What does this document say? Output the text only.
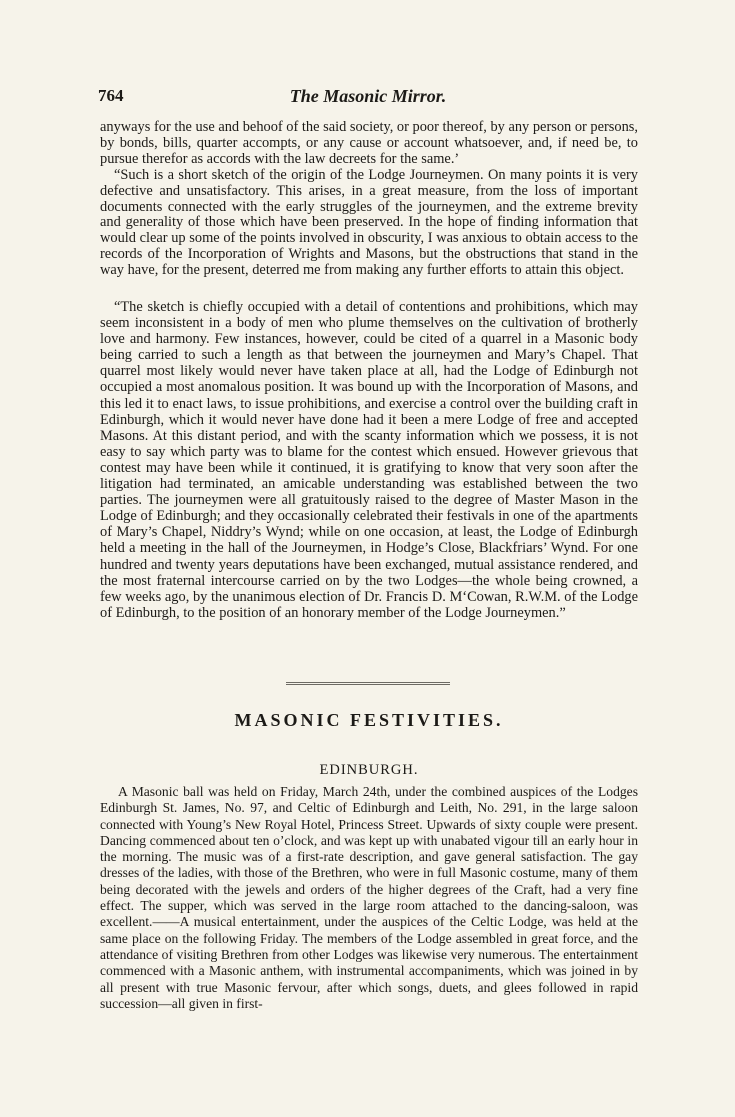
764	The Masonic Mirror.

anyways for the use and behoof of the said society, or poor thereof, by any person or persons, by bonds, bills, quarter accompts, or any cause or account whatsoever, and, if need be, to pursue therefor as accords with the law decreets for the same.’

“Such is a short sketch of the origin of the Lodge Journeymen. On many points it is very defective and unsatisfactory. This arises, in a great measure, from the loss of important documents connected with the early struggles of the journeymen, and the extreme brevity and generality of those which have been preserved. In the hope of finding information that would clear up some of the points involved in obscurity, I was anxious to obtain access to the records of the Incorporation of Wrights and Masons, but the obstructions that stand in the way have, for the present, deterred me from making any further efforts to attain this object.

“The sketch is chiefly occupied with a detail of contentions and prohibitions, which may seem inconsistent in a body of men who plume themselves on the cultivation of brotherly love and harmony. Few instances, however, could be cited of a quarrel in a Masonic body being carried to such a length as that between the journeymen and Mary’s Chapel. That quarrel most likely would never have taken place at all, had the Lodge of Edinburgh not occupied a most anomalous position. It was bound up with the Incorporation of Masons, and this led it to enact laws, to issue prohibitions, and exercise a control over the building craft in Edinburgh, which it would never have done had it been a mere Lodge of free and accepted Masons. At this distant period, and with the scanty information which we possess, it is not easy to say which party was to blame for the contest which ensued. However grievous that contest may have been while it continued, it is gratifying to know that very soon after the litigation had terminated, an amicable understanding was established between the two parties. The journeymen were all gratuitously raised to the degree of Master Mason in the Lodge of Edinburgh; and they occasionally celebrated their festivals in one of the apartments of Mary’s Chapel, Niddry’s Wynd; while on one occasion, at least, the Lodge of Edinburgh held a meeting in the hall of the Journeymen, in Hodge’s Close, Blackfriars’ Wynd. For one hundred and twenty years deputations have been exchanged, mutual assistance rendered, and the most fraternal intercourse carried on by the two Lodges—the whole being crowned, a few weeks ago, by the unanimous election of Dr. Francis D. M‘Cowan, R.W.M. of the Lodge of Edinburgh, to the position of an honorary member of the Lodge Journeymen.”

MASONIC FESTIVITIES.
EDINBURGH.

A Masonic ball was held on Friday, March 24th, under the combined auspices of the Lodges Edinburgh St. James, No. 97, and Celtic of Edinburgh and Leith, No. 291, in the large saloon connected with Young’s New Royal Hotel, Princess Street. Upwards of sixty couple were present. Dancing commenced about ten o’clock, and was kept up with unabated vigour till an early hour in the morning. The music was of a first-rate description, and gave general satisfaction. The gay dresses of the ladies, with those of the Brethren, who were in full Masonic costume, many of them being decorated with the jewels and orders of the higher degrees of the Craft, had a very fine effect. The supper, which was served in the large room attached to the dancing-saloon, was excellent.——A musical entertainment, under the auspices of the Celtic Lodge, was held at the same place on the following Friday. The members of the Lodge assembled in great force, and the attendance of visiting Brethren from other Lodges was likewise very numerous. The entertainment commenced with a Masonic anthem, with instrumental accompaniments, which was joined in by all present with true Masonic fervour, after which songs, duets, and glees followed in rapid succession—all given in first-
